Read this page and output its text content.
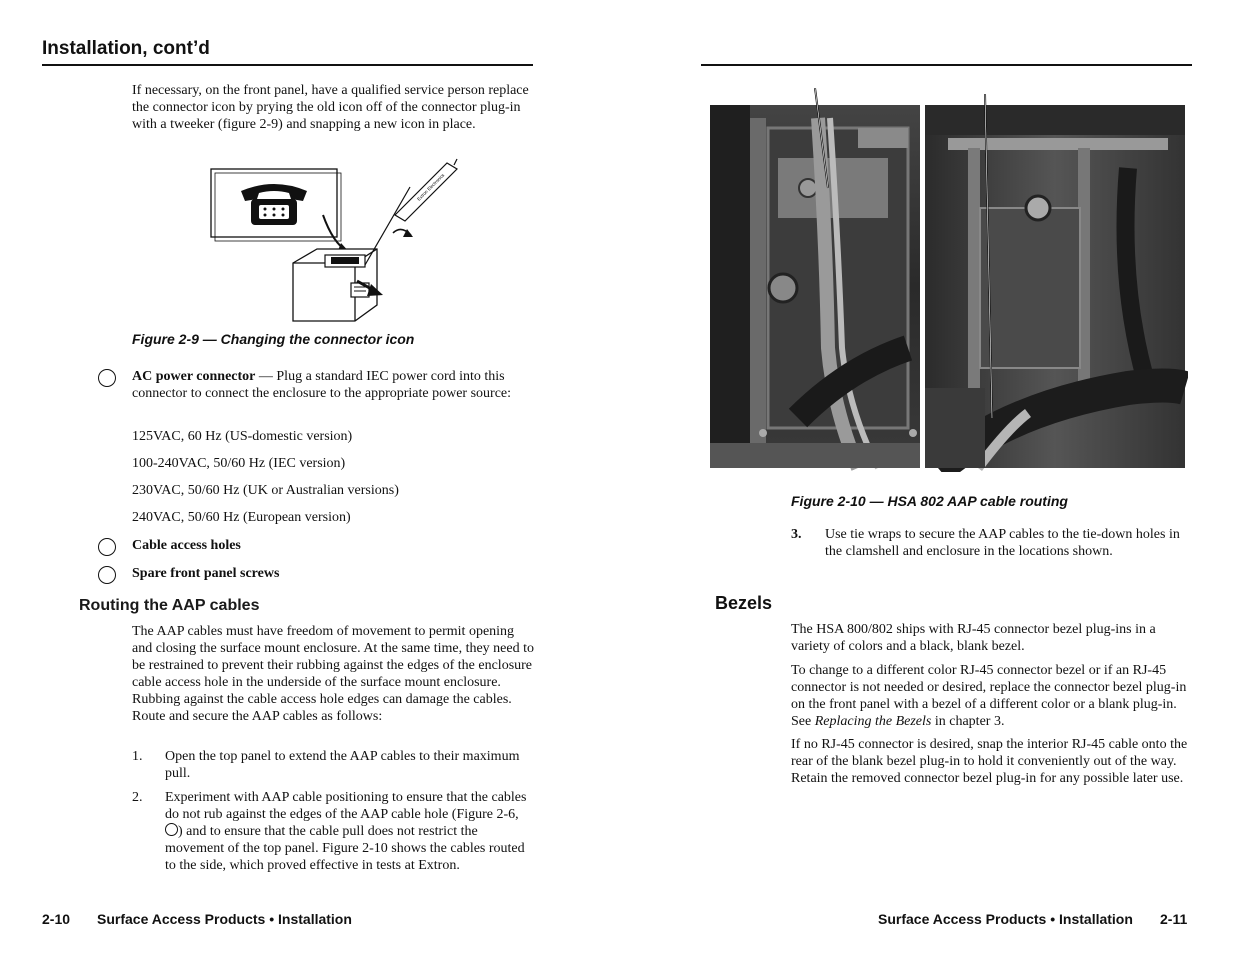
Installation, cont’d

If necessary, on the front panel, have a qualified service person replace the connector icon by prying the old icon off of the connector plug-in with a tweeker (figure 2-9) and snapping a new icon in place.

Extron Electronics
Figure 2-9 — Changing the connector icon

AC power connector — Plug a standard IEC power cord into this connector to connect the enclosure to the appropriate power source:

125VAC, 60 Hz (US-domestic version)

100-240VAC, 50/60 Hz (IEC version)

230VAC, 50/60 Hz (UK or Australian versions)

240VAC, 50/60 Hz (European version)

Cable access holes

Spare front panel screws

Routing the AAP cables

The AAP cables must have freedom of movement to permit opening and closing the surface mount enclosure. At the same time, they need to be restrained to prevent their rubbing against the edges of the enclosure cable access hole in the underside of the surface mount enclosure. Rubbing against the cable access hole edges can damage the cables. Route and secure the AAP cables as follows:

1. Open the top panel to extend the AAP cables to their maximum pull.

2. Experiment with AAP cable positioning to ensure that the cables do not rub against the edges of the AAP cable hole (Figure 2-6, ) and to ensure that the cable pull does not restrict the movement of the top panel. Figure 2-10 shows the cables routed to the side, which proved effective in tests at Extron.

2-10 Surface Access Products • Installation
Figure 2-10 — HSA 802 AAP cable routing

3. Use tie wraps to secure the AAP cables to the tie-down holes in the clamshell and enclosure in the locations shown.

Bezels

The HSA 800/802 ships with RJ-45 connector bezel plug-ins in a variety of colors and a black, blank bezel.

To change to a different color RJ-45 connector bezel or if an RJ-45 connector is not needed or desired, replace the connector bezel plug-in on the front panel with a bezel of a different color or a blank plug-in. See Replacing the Bezels in chapter 3.

If no RJ-45 connector is desired, snap the interior RJ-45 cable onto the rear of the blank bezel plug-in to hold it conveniently out of the way. Retain the removed connector bezel plug-in for any possible later use.

Surface Access Products • Installation 2-11
